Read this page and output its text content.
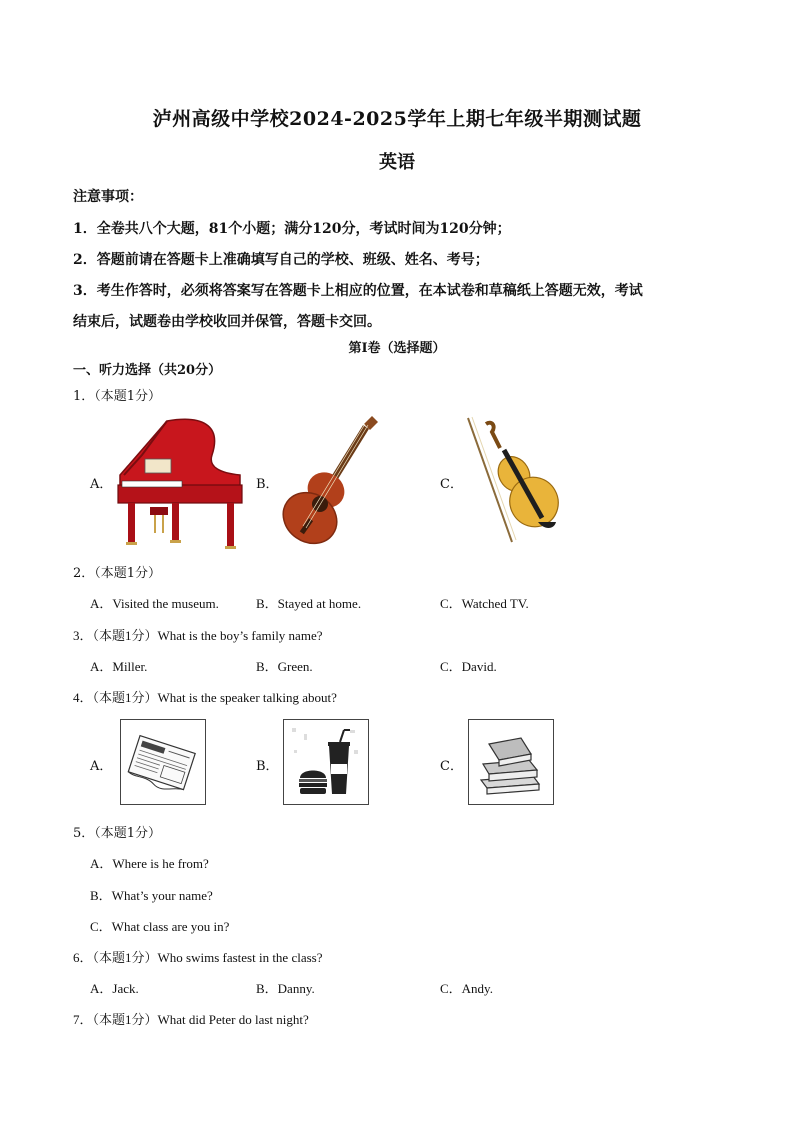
泸州高级中学校2024-2025学年上期七年级半期测试题
英语
注意事项：
1．全卷共八个大题，81个小题；满分120分，考试时间为120分钟；
2．答题前请在答题卡上准确填写自己的学校、班级、姓名、考号；
3．考生作答时，必须将答案写在答题卡上相应的位置，在本试卷和草稿纸上答题无效，考试
结束后，试题卷由学校收回并保管，答题卡交回。
第Ⅰ卷（选择题）
一、听力选择（共20分）
1．（本题1分）
A．	B．	C．
2．（本题1分）
A．Visited the museum.	B．Stayed at home.	C．Watched TV.
3．（本题1分）What is the boy’s family name?
A．Miller.	B．Green.	C．David.
4．（本题1分）What is the speaker talking about?
A．	B．	C．
5．（本题1分）
A．Where is he from?
B．What’s your name?
C．What class are you in?
6．（本题1分）Who swims fastest in the class?
A．Jack.	B．Danny.	C．Andy.
7．（本题1分）What did Peter do last night?
